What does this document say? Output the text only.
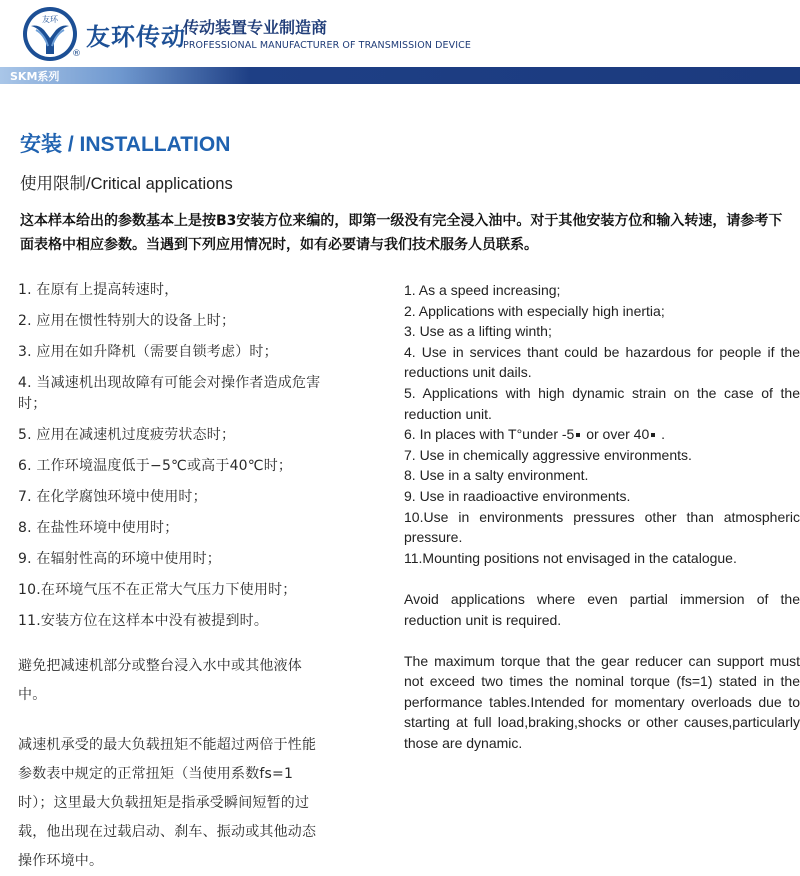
友环
®
友环传动
传动装置专业制造商
PROFESSIONAL MANUFACTURER OF TRANSMISSION DEVICE
SKM系列
安装 / INSTALLATION
使用限制/Critical applications
这本样本给出的参数基本上是按B3安装方位来编的，即第一级没有完全浸入油中。对于其他安装方位和输入转速，请参考下面表格中相应参数。当遇到下列应用情况时，如有必要请与我们技术服务人员联系。
1. 在原有上提高转速时，
2. 应用在惯性特别大的设备上时；
3. 应用在如升降机（需要自锁考虑）时；
4. 当减速机出现故障有可能会对操作者造成危害时；
5. 应用在减速机过度疲劳状态时；
6. 工作环境温度低于−5℃或高于40℃时；
7. 在化学腐蚀环境中使用时；
8. 在盐性环境中使用时；
9. 在辐射性高的环境中使用时；
10.在环境气压不在正常大气压力下使用时；
11.安装方位在这样本中没有被提到时。
避免把减速机部分或整台浸入水中或其他液体中。
减速机承受的最大负载扭矩不能超过两倍于性能参数表中规定的正常扭矩（当使用系数fs=1时）；这里最大负载扭矩是指承受瞬间短暂的过载，他出现在过载启动、刹车、振动或其他动态操作环境中。
1. As a speed increasing;
2. Applications with especially high inertia;
3. Use as a lifting winth;
4. Use in services thant could be hazardous for people if the reductions unit dails.
5. Applications with high dynamic strain on the case of the reduction unit.
6. In places with T°under -5 or over 40 .
7. Use in chemically aggressive environments.
8. Use in a salty environment.
9. Use in raadioactive environments.
10.Use in environments pressures other than atmospheric pressure.
11.Mounting positions not envisaged in the catalogue.
Avoid applications where even partial immersion of the reduction unit is required.
The maximum torque that the gear reducer can support must not exceed two times the nominal torque (fs=1) stated in the performance tables.Intended for momentary overloads due to starting at full load,braking,shocks or other causes,particularly those are dynamic.
